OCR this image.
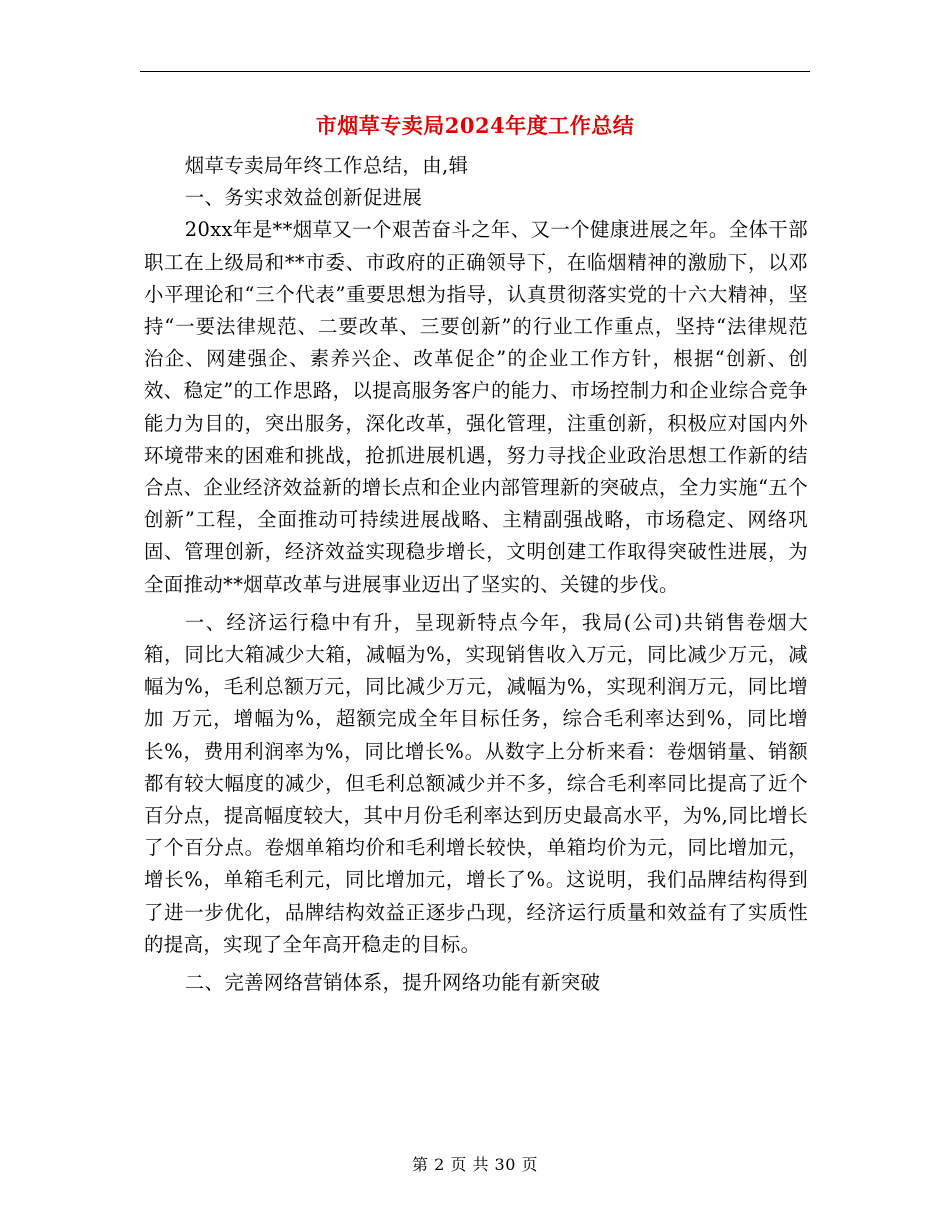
市烟草专卖局2024年度工作总结

烟草专卖局年终工作总结，由,辑

一、务实求效益创新促进展

20xx年是**烟草又一个艰苦奋斗之年、又一个健康进展之年。全体干部职工在上级局和**市委、市政府的正确领导下，在临烟精神的激励下，以邓小平理论和“三个代表”重要思想为指导，认真贯彻落实党的十六大精神，坚持“一要法律规范、二要改革、三要创新”的行业工作重点，坚持“法律规范治企、网建强企、素养兴企、改革促企”的企业工作方针，根据“创新、创效、稳定”的工作思路，以提高服务客户的能力、市场控制力和企业综合竞争能力为目的，突出服务，深化改革，强化管理，注重创新，积极应对国内外环境带来的困难和挑战，抢抓进展机遇，努力寻找企业政治思想工作新的结合点、企业经济效益新的增长点和企业内部管理新的突破点，全力实施“五个创新”工程，全面推动可持续进展战略、主精副强战略，市场稳定、网络巩固、管理创新，经济效益实现稳步增长，文明创建工作取得突破性进展，为全面推动**烟草改革与进展事业迈出了坚实的、关键的步伐。

一、经济运行稳中有升，呈现新特点今年，我局(公司)共销售卷烟大箱，同比大箱减少大箱，减幅为%，实现销售收入万元，同比减少万元，减幅为%，毛利总额万元，同比减少万元，减幅为%，实现利润万元，同比增加 万元，增幅为%，超额完成全年目标任务，综合毛利率达到%，同比增长%，费用利润率为%，同比增长%。从数字上分析来看：卷烟销量、销额都有较大幅度的减少，但毛利总额减少并不多，综合毛利率同比提高了近个百分点，提高幅度较大，其中月份毛利率达到历史最高水平，为%,同比增长了个百分点。卷烟单箱均价和毛利增长较快，单箱均价为元，同比增加元，增长%，单箱毛利元，同比增加元，增长了%。这说明，我们品牌结构得到了进一步优化，品牌结构效益正逐步凸现，经济运行质量和效益有了实质性的提高，实现了全年高开稳走的目标。

二、完善网络营销体系，提升网络功能有新突破

第 2 页 共 30 页
